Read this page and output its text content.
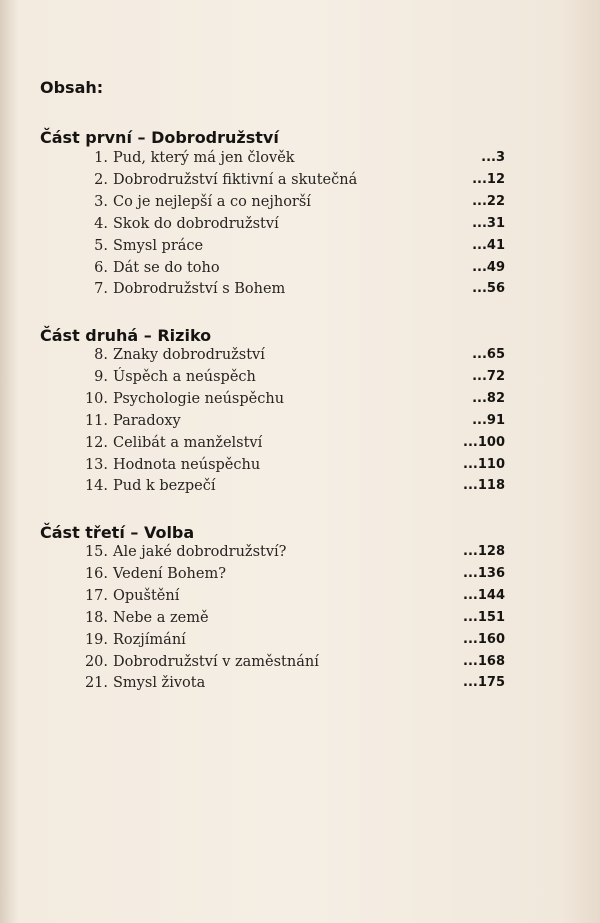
Obsah:
Část první – Dobrodružství
1. Pud, který má jen člověk	...3
2. Dobrodružství fiktivní a skutečná	...12
3. Co je nejlepší a co nejhorší	...22
4. Skok do dobrodružství	...31
5. Smysl práce	...41
6. Dát se do toho	...49
7. Dobrodružství s Bohem	...56
Část druhá – Riziko
8. Znaky dobrodružství	...65
9. Úspěch a neúspěch	...72
10. Psychologie neúspěchu	...82
11. Paradoxy	...91
12. Celibát a manželství	...100
13. Hodnota neúspěchu	...110
14. Pud k bezpečí	...118
Část třetí – Volba
15. Ale jaké dobrodružství?	...128
16. Vedení Bohem?	...136
17. Opuštění	...144
18. Nebe a země	...151
19. Rozjímání	...160
20. Dobrodružství v zaměstnání	...168
21. Smysl života	...175
